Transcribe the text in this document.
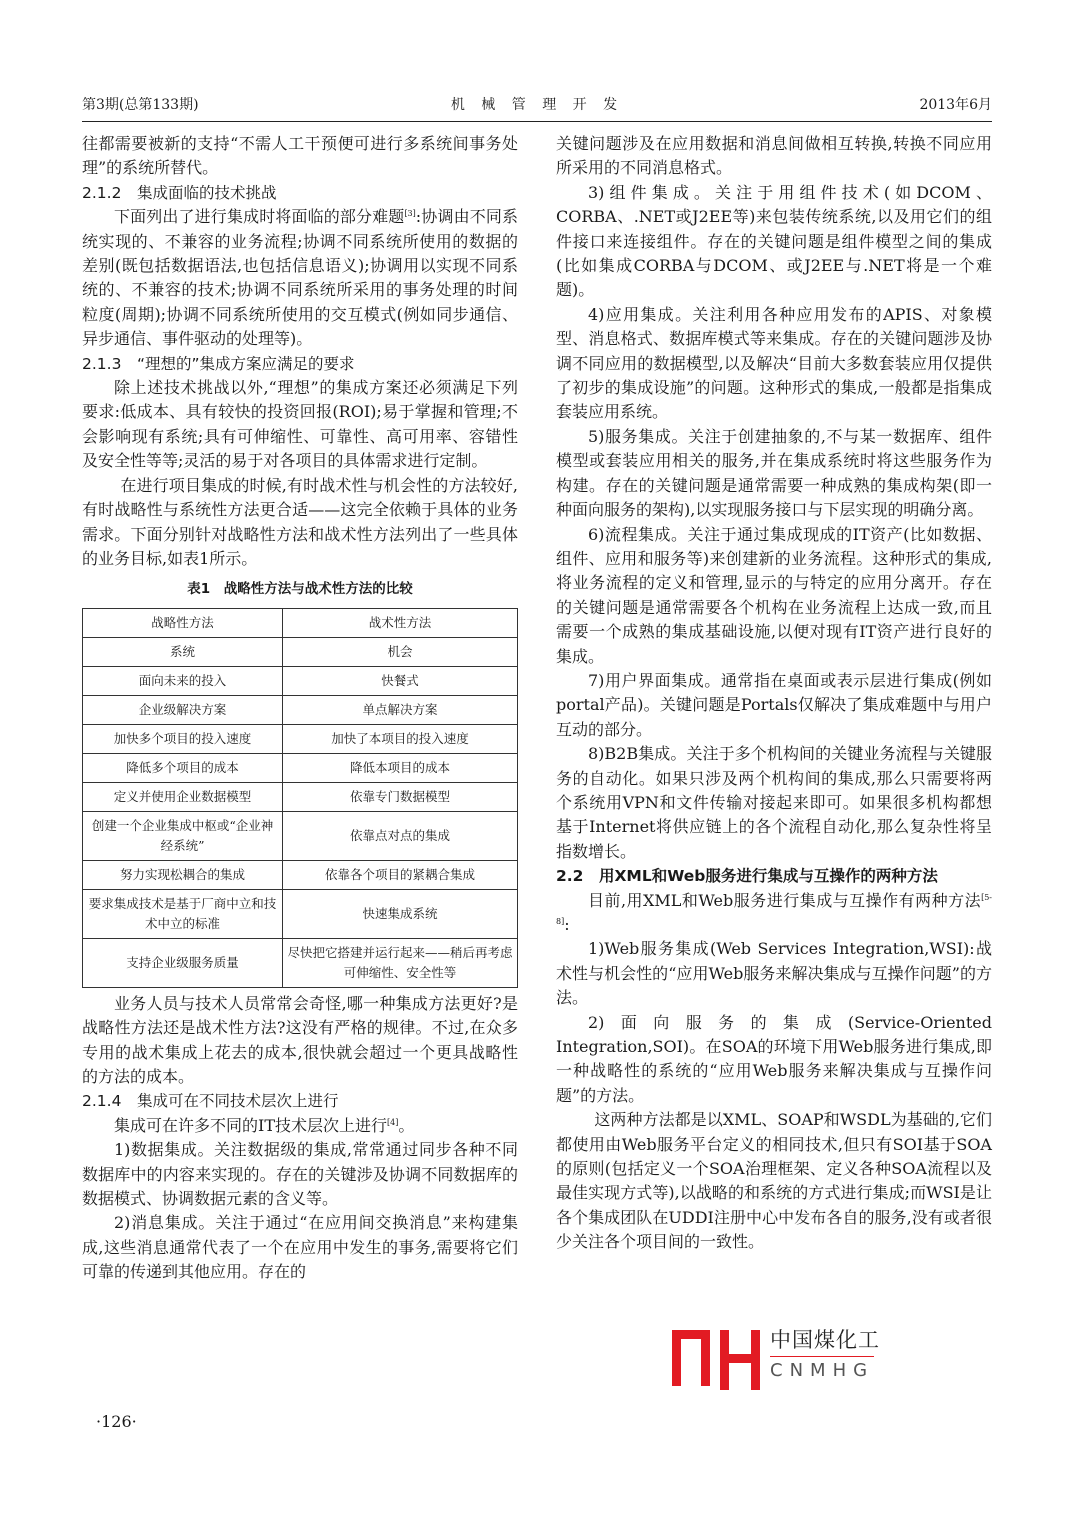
第3期(总第133期)	机 械 管 理 开 发	2013年6月

往都需要被新的支持“不需人工干预便可进行多系统间事务处理”的系统所替代。

2.1.2　集成面临的技术挑战

下面列出了进行集成时将面临的部分难题[3]:协调由不同系统实现的、不兼容的业务流程;协调不同系统所使用的数据的差别(既包括数据语法,也包括信息语义);协调用以实现不同系统的、不兼容的技术;协调不同系统所采用的事务处理的时间粒度(周期);协调不同系统所使用的交互模式(例如同步通信、异步通信、事件驱动的处理等)。

2.1.3　“理想的”集成方案应满足的要求

除上述技术挑战以外,“理想”的集成方案还必须满足下列要求:低成本、具有较快的投资回报(ROI);易于掌握和管理;不会影响现有系统;具有可伸缩性、可靠性、高可用率、容错性及安全性等等;灵活的易于对各项目的具体需求进行定制。

在进行项目集成的时候,有时战术性与机会性的方法较好,有时战略性与系统性方法更合适——这完全依赖于具体的业务需求。下面分别针对战略性方法和战术性方法列出了一些具体的业务目标,如表1所示。

表1　战略性方法与战术性方法的比较
战略性方法	战术性方法
系统	机会
面向未来的投入	快餐式
企业级解决方案	单点解决方案
加快多个项目的投入速度	加快了本项目的投入速度
降低多个项目的成本	降低本项目的成本
定义并使用企业数据模型	依靠专门数据模型
创建一个企业集成中枢或“企业神经系统”	依靠点对点的集成
努力实现松耦合的集成	依靠各个项目的紧耦合集成
要求集成技术是基于厂商中立和技术中立的标准	快速集成系统
支持企业级服务质量	尽快把它搭建并运行起来——稍后再考虑可伸缩性、安全性等

业务人员与技术人员常常会奇怪,哪一种集成方法更好?是战略性方法还是战术性方法?这没有严格的规律。不过,在众多专用的战术集成上花去的成本,很快就会超过一个更具战略性的方法的成本。

2.1.4　集成可在不同技术层次上进行

集成可在许多不同的IT技术层次上进行[4]。

1)数据集成。关注数据级的集成,常常通过同步各种不同数据库中的内容来实现的。存在的关键涉及协调不同数据库的数据模式、协调数据元素的含义等。

2)消息集成。关注于通过“在应用间交换消息”来构建集成,这些消息通常代表了一个在应用中发生的事务,需要将它们可靠的传递到其他应用。存在的

关键问题涉及在应用数据和消息间做相互转换,转换不同应用所采用的不同消息格式。

3)组件集成。关注于用组件技术(如DCOM、CORBA、.NET或J2EE等)来包装传统系统,以及用它们的组件接口来连接组件。存在的关键问题是组件模型之间的集成(比如集成CORBA与DCOM、或J2EE与.NET将是一个难题)。

4)应用集成。关注利用各种应用发布的APIS、对象模型、消息格式、数据库模式等来集成。存在的关键问题涉及协调不同应用的数据模型,以及解决“目前大多数套装应用仅提供了初步的集成设施”的问题。这种形式的集成,一般都是指集成套装应用系统。

5)服务集成。关注于创建抽象的,不与某一数据库、组件模型或套装应用相关的服务,并在集成系统时将这些服务作为构建。存在的关键问题是通常需要一种成熟的集成构架(即一种面向服务的架构),以实现服务接口与下层实现的明确分离。

6)流程集成。关注于通过集成现成的IT资产(比如数据、组件、应用和服务等)来创建新的业务流程。这种形式的集成,将业务流程的定义和管理,显示的与特定的应用分离开。存在的关键问题是通常需要各个机构在业务流程上达成一致,而且需要一个成熟的集成基础设施,以便对现有IT资产进行良好的集成。

7)用户界面集成。通常指在桌面或表示层进行集成(例如portal产品)。关键问题是Portals仅解决了集成难题中与用户互动的部分。

8)B2B集成。关注于多个机构间的关键业务流程与关键服务的自动化。如果只涉及两个机构间的集成,那么只需要将两个系统用VPN和文件传输对接起来即可。如果很多机构都想基于Internet将供应链上的各个流程自动化,那么复杂性将呈指数增长。

2.2　用XML和Web服务进行集成与互操作的两种方法

目前,用XML和Web服务进行集成与互操作有两种方法[5-8]:

1)Web服务集成(Web Services Integration,WSI):战术性与机会性的“应用Web服务来解决集成与互操作问题”的方法。

2)面向服务的集成(Service-Oriented Integration,SOI)。在SOA的环境下用Web服务进行集成,即一种战略性的系统的“应用Web服务来解决集成与互操作问题”的方法。

这两种方法都是以XML、SOAP和WSDL为基础的,它们都使用由Web服务平台定义的相同技术,但只有SOI基于SOA的原则(包括定义一个SOA治理框架、定义各种SOA流程以及最佳实现方式等),以战略的和系统的方式进行集成;而WSI是让各个集成团队在UDDI注册中心中发布各自的服务,没有或者很少关注各个项目间的一致性。

·126·
中国煤化工
CNMHG
